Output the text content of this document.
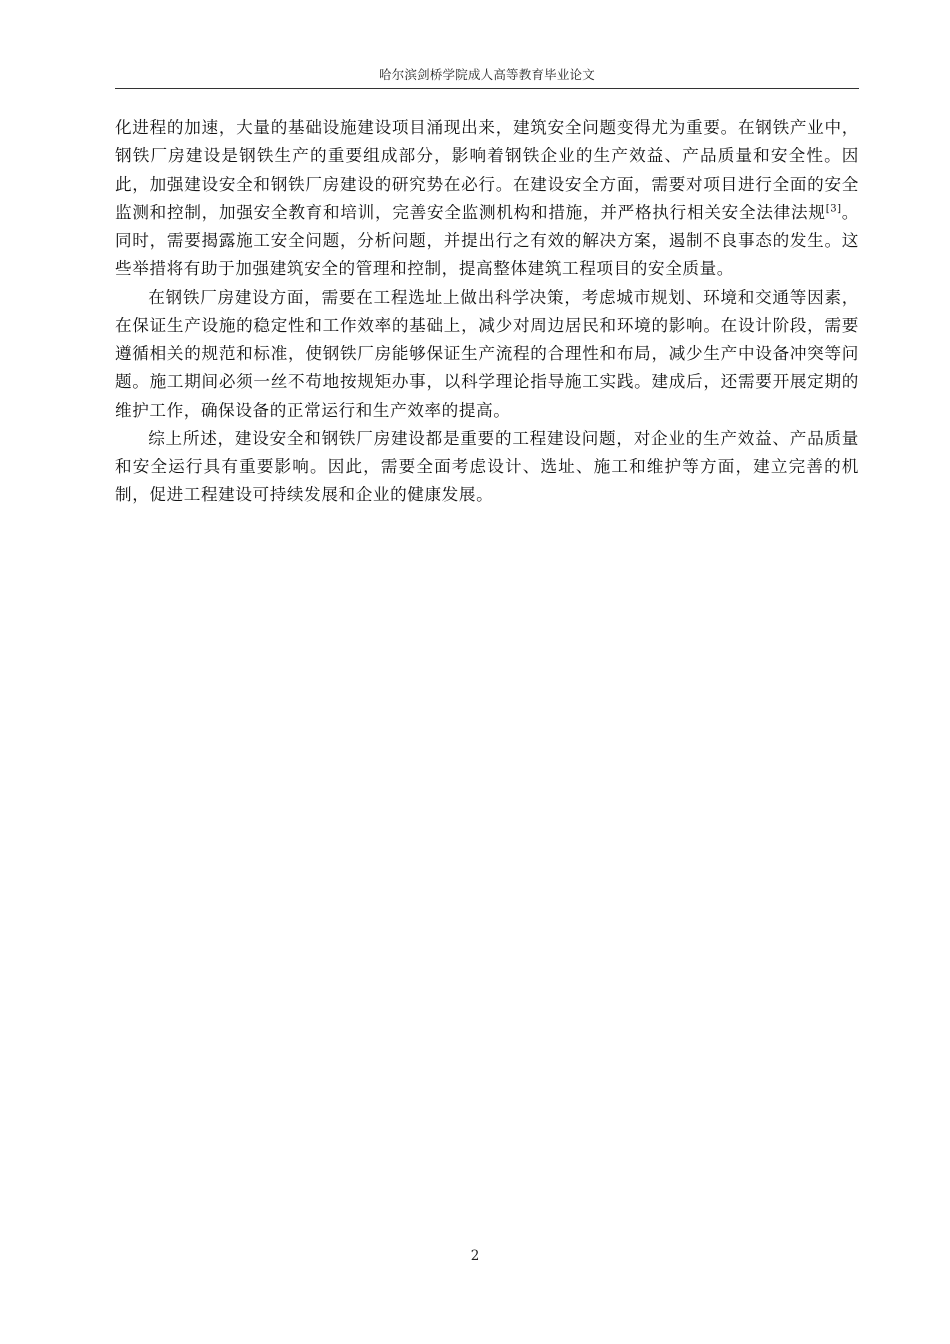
哈尔滨剑桥学院成人高等教育毕业论文

化进程的加速，大量的基础设施建设项目涌现出来，建筑安全问题变得尤为重要。在钢铁产业中，钢铁厂房建设是钢铁生产的重要组成部分，影响着钢铁企业的生产效益、产品质量和安全性。因此，加强建设安全和钢铁厂房建设的研究势在必行。在建设安全方面，需要对项目进行全面的安全监测和控制，加强安全教育和培训，完善安全监测机构和措施，并严格执行相关安全法律法规[3]。同时，需要揭露施工安全问题，分析问题，并提出行之有效的解决方案，遏制不良事态的发生。这些举措将有助于加强建筑安全的管理和控制，提高整体建筑工程项目的安全质量。

在钢铁厂房建设方面，需要在工程选址上做出科学决策，考虑城市规划、环境和交通等因素，在保证生产设施的稳定性和工作效率的基础上，减少对周边居民和环境的影响。在设计阶段，需要遵循相关的规范和标准，使钢铁厂房能够保证生产流程的合理性和布局，减少生产中设备冲突等问题。施工期间必须一丝不苟地按规矩办事，以科学理论指导施工实践。建成后，还需要开展定期的维护工作，确保设备的正常运行和生产效率的提高。

综上所述，建设安全和钢铁厂房建设都是重要的工程建设问题，对企业的生产效益、产品质量和安全运行具有重要影响。因此，需要全面考虑设计、选址、施工和维护等方面，建立完善的机制，促进工程建设可持续发展和企业的健康发展。

2
